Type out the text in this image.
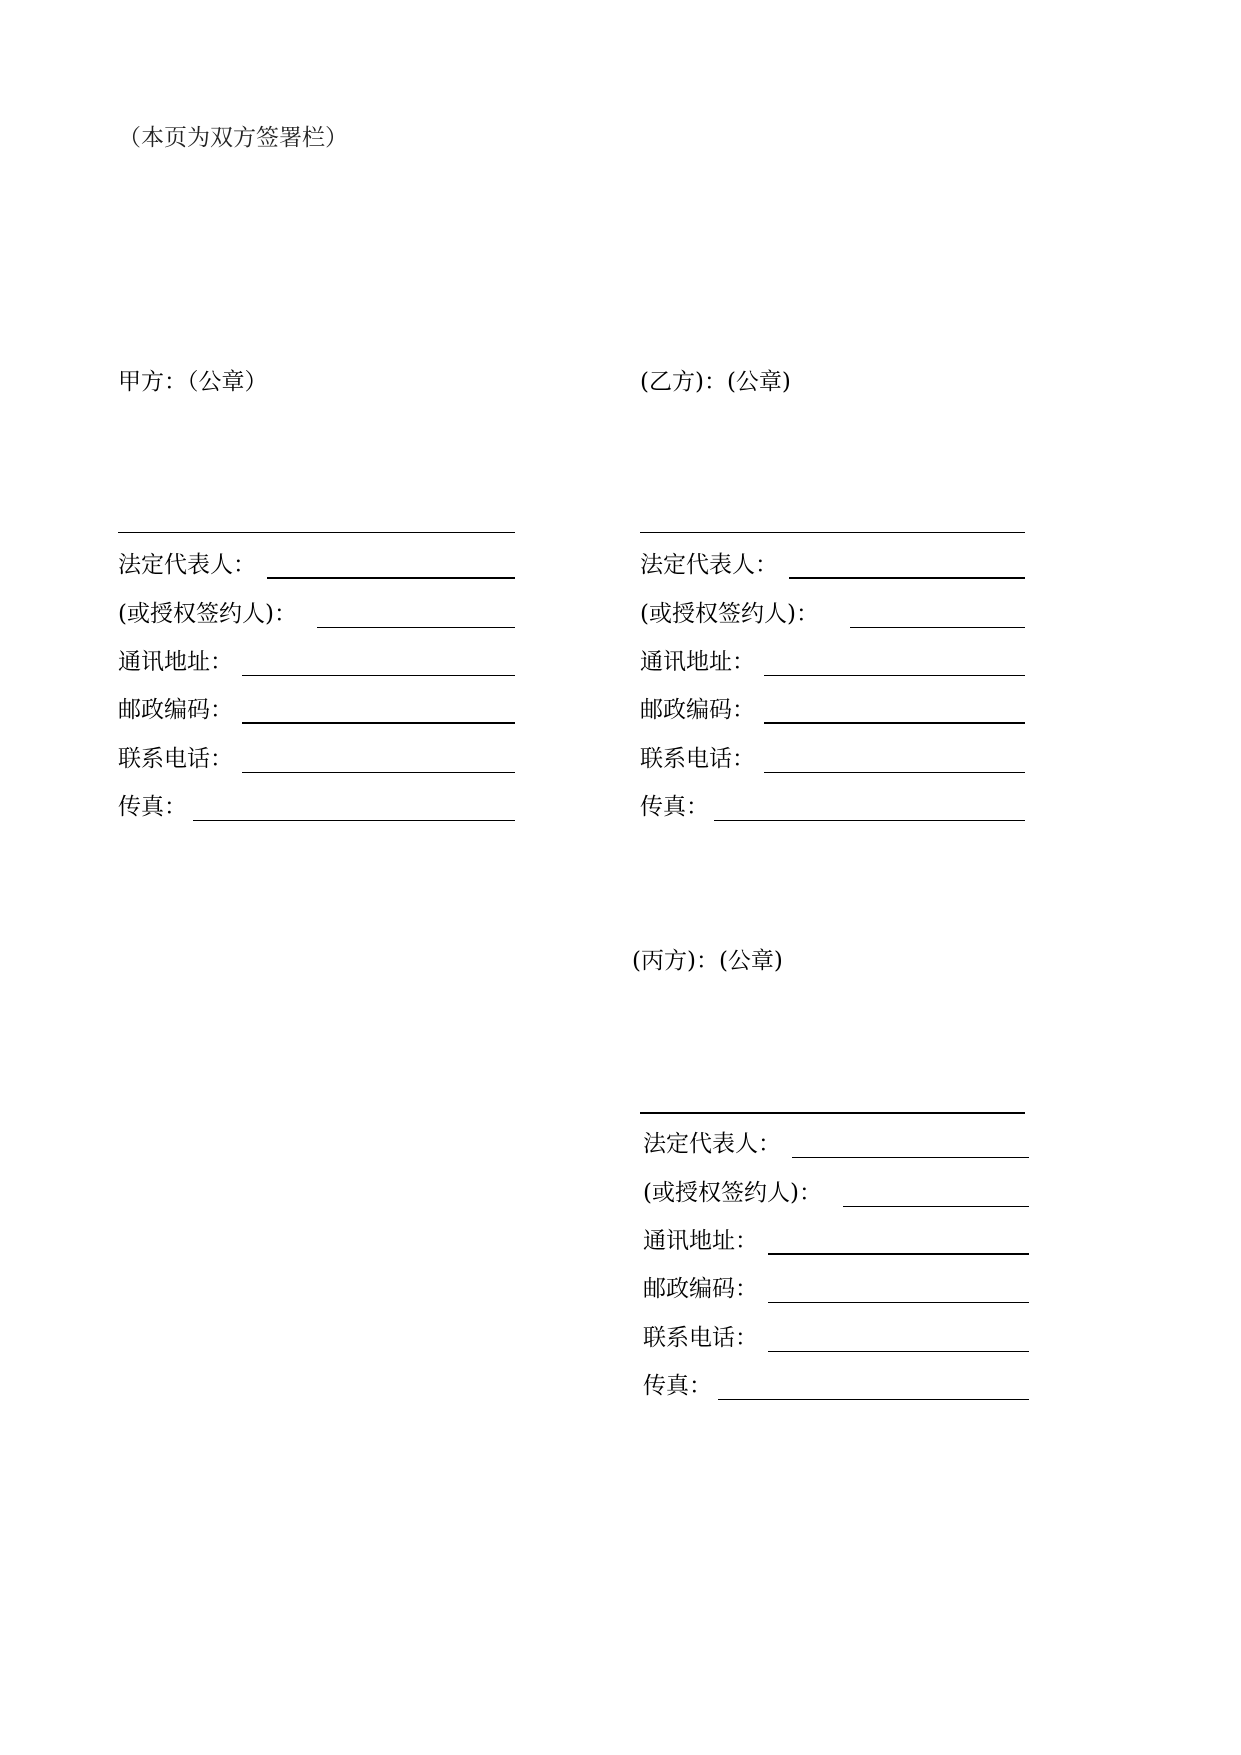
（本页为双方签署栏）
甲方：（公章）
法定代表人：
(或授权签约人)：
通讯地址：
邮政编码：
联系电话：
传真：
(乙方)：(公章)
法定代表人：
(或授权签约人)：
通讯地址：
邮政编码：
联系电话：
传真：
(丙方)：(公章)
法定代表人：
(或授权签约人)：
通讯地址：
邮政编码：
联系电话：
传真：
